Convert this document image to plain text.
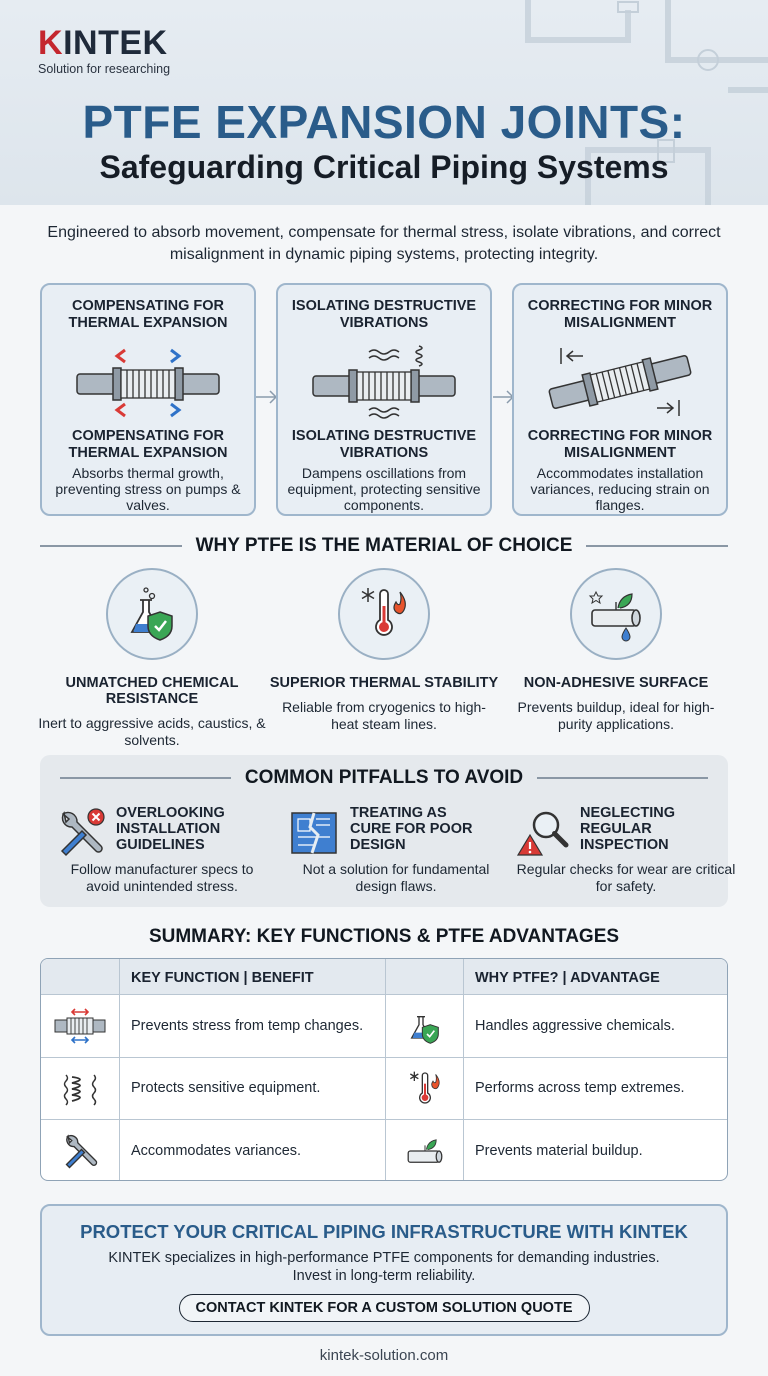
KINTEK
Solution for researching
PTFE EXPANSION JOINTS:
Safeguarding Critical Piping Systems
Engineered to absorb movement, compensate for thermal stress, isolate vibrations, and correct misalignment in dynamic piping systems, protecting integrity.
COMPENSATING FOR THERMAL EXPANSION
COMPENSATING FOR THERMAL EXPANSION
Absorbs thermal growth, preventing stress on pumps & valves.
ISOLATING DESTRUCTIVE VIBRATIONS
ISOLATING DESTRUCTIVE VIBRATIONS
Dampens oscillations from equipment, protecting sensitive components.
CORRECTING FOR MINOR MISALIGNMENT
CORRECTING FOR MINOR MISALIGNMENT
Accommodates installation variances, reducing strain on flanges.
WHY PTFE IS THE MATERIAL OF CHOICE
UNMATCHED CHEMICAL RESISTANCE
Inert to aggressive acids, caustics, & solvents.
SUPERIOR THERMAL STABILITY
Reliable from cryogenics to high-heat steam lines.
NON-ADHESIVE SURFACE
Prevents buildup, ideal for high-purity applications.
COMMON PITFALLS TO AVOID
OVERLOOKING
INSTALLATION
GUIDELINES
Follow manufacturer specs to avoid unintended stress.
TREATING AS
CURE FOR POOR
DESIGN
Not a solution for fundamental design flaws.
NEGLECTING
REGULAR
INSPECTION
Regular checks for wear are critical for safety.
SUMMARY: KEY FUNCTIONS & PTFE ADVANTAGES
KEY FUNCTION | BENEFIT	WHY PTFE? | ADVANTAGE
Prevents stress from temp changes.	Handles aggressive chemicals.
Protects sensitive equipment.	Performs across temp extremes.
Accommodates variances.	Prevents material buildup.
PROTECT YOUR CRITICAL PIPING INFRASTRUCTURE WITH KINTEK
KINTEK specializes in high-performance PTFE components for demanding industries.
Invest in long-term reliability.
CONTACT KINTEK FOR A CUSTOM SOLUTION QUOTE
kintek-solution.com
